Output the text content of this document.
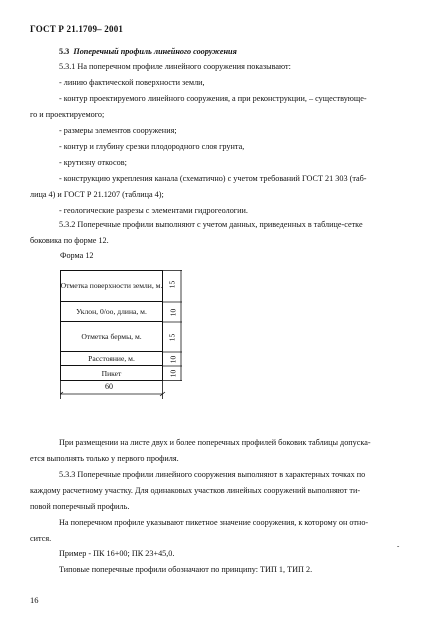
ГОСТ Р 21.1709– 2001
5.3 Поперечный профиль линейного сооружения
5.3.1 На поперечном профиле линейного сооружения показывают:
- линию фактической поверхности земли,
- контур проектируемого линейного сооружения, а при реконструкции, – существующе-
го и проектируемого;
- размеры элементов сооружения;
- контур и глубину срезки плодородного слоя грунта,
- крутизну откосов;
- конструкцию укрепления канала (схематично) с учетом требований ГОСТ 21 303 (таб-
лица 4) и ГОСТ Р 21.1207 (таблица 4);
- геологические разрезы с элементами гидрогеологии.
5.3.2 Поперечные профили выполняют с учетом данных, приведенных в таблице-сетке
боковика по форме 12.
Форма 12
Отметка поверхности земли, м.
Уклон, 0/оо, длина, м.
Отметка бермы, м.
Расстояние, м.
Пикет
15
10
15
10
10
60
При размещении на листе двух и более поперечных профилей боковик таблицы допуска-
ется выполнять только у первого профиля.
5.3.3 Поперечные профили линейного сооружения выполняют в характерных точках по
каждому расчетному участку. Для одинаковых участков линейных сооружений выполняют ти-
повой поперечный профиль.
На поперечном профиле указывают пикетное значение сооружения, к которому он отно-
сится.
Пример - ПК 16+00; ПК 23+45,0.
Типовые поперечные профили обозначают по принципу: ТИП 1, ТИП 2.
˘
16
